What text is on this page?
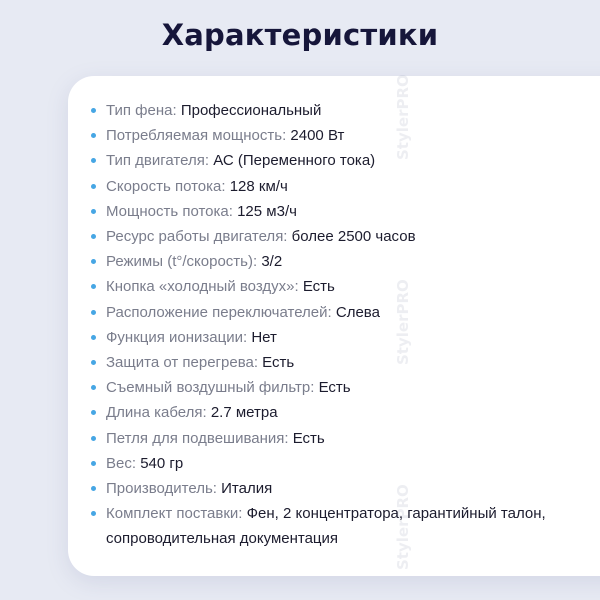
Характеристики
StylerPRO
StylerPRO
StylerPRO
Тип фена: Профессиональный
Потребляемая мощность: 2400 Вт
Тип двигателя: АС (Переменного тока)
Скорость потока: 128 км/ч
Мощность потока: 125 м3/ч
Ресурс работы двигателя: более 2500 часов
Режимы (t°/скорость): 3/2
Кнопка «холодный воздух»: Есть
Расположение переключателей: Слева
Функция ионизации: Нет
Защита от перегрева: Есть
Съемный воздушный фильтр: Есть
Длина кабеля: 2.7 метра
Петля для подвешивания: Есть
Вес: 540 гр
Производитель: Италия
Комплект поставки: Фен, 2 концентратора, гарантийный талон, сопроводительная документация
